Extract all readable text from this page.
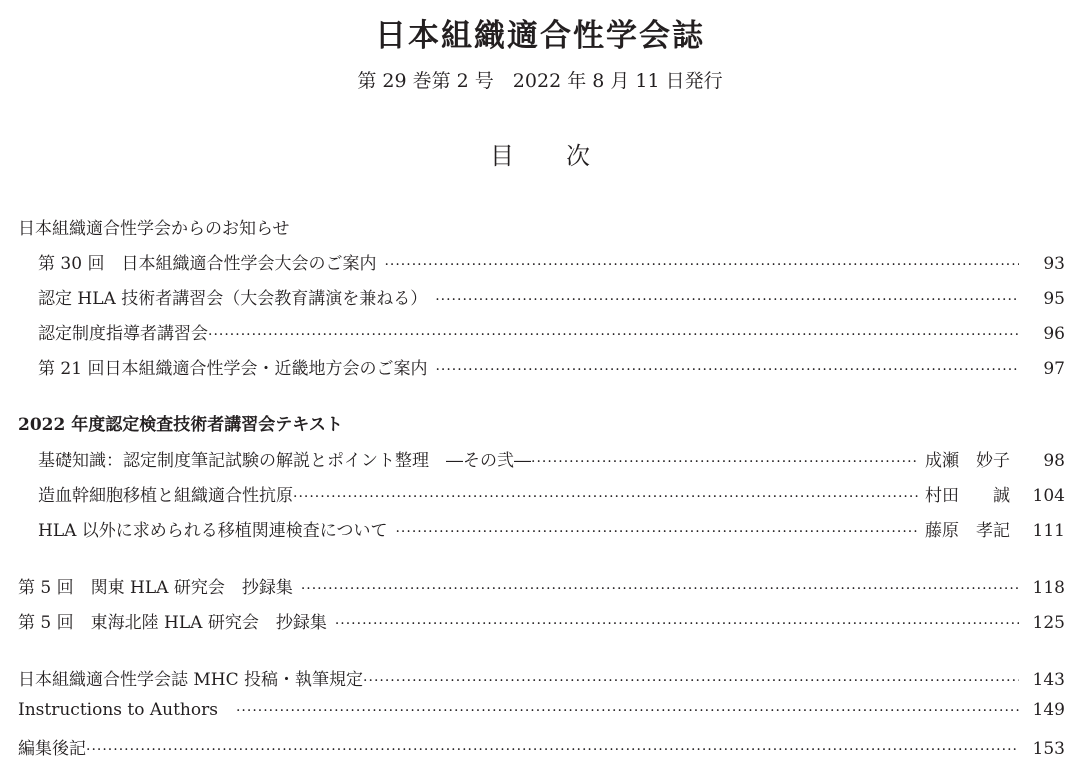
日本組織適合性学会誌
第 29 巻第 2 号　2022 年 8 月 11 日発行
目次
日本組織適合性学会からのお知らせ
第 30 回　日本組織適合性学会大会のご案内 ·····	93
認定 HLA 技術者講習会（大会教育講演を兼ねる） ·····	95
認定制度指導者講習会 ·····	96
第 21 回日本組織適合性学会・近畿地方会のご案内 ·····	97
2022 年度認定検査技術者講習会テキスト
基礎知識：認定制度筆記試験の解説とポイント整理　―その弐― ·····	成瀬　妙子	98
造血幹細胞移植と組織適合性抗原 ·····	村田　　誠	104
HLA 以外に求められる移植関連検査について ·····	藤原　孝記	111
第 5 回　関東 HLA 研究会　抄録集 ·····	118
第 5 回　東海北陸 HLA 研究会　抄録集 ·····	125
日本組織適合性学会誌 MHC 投稿・執筆規定 ·····	143
Instructions to Authors ·····	149
編集後記 ·····	153
